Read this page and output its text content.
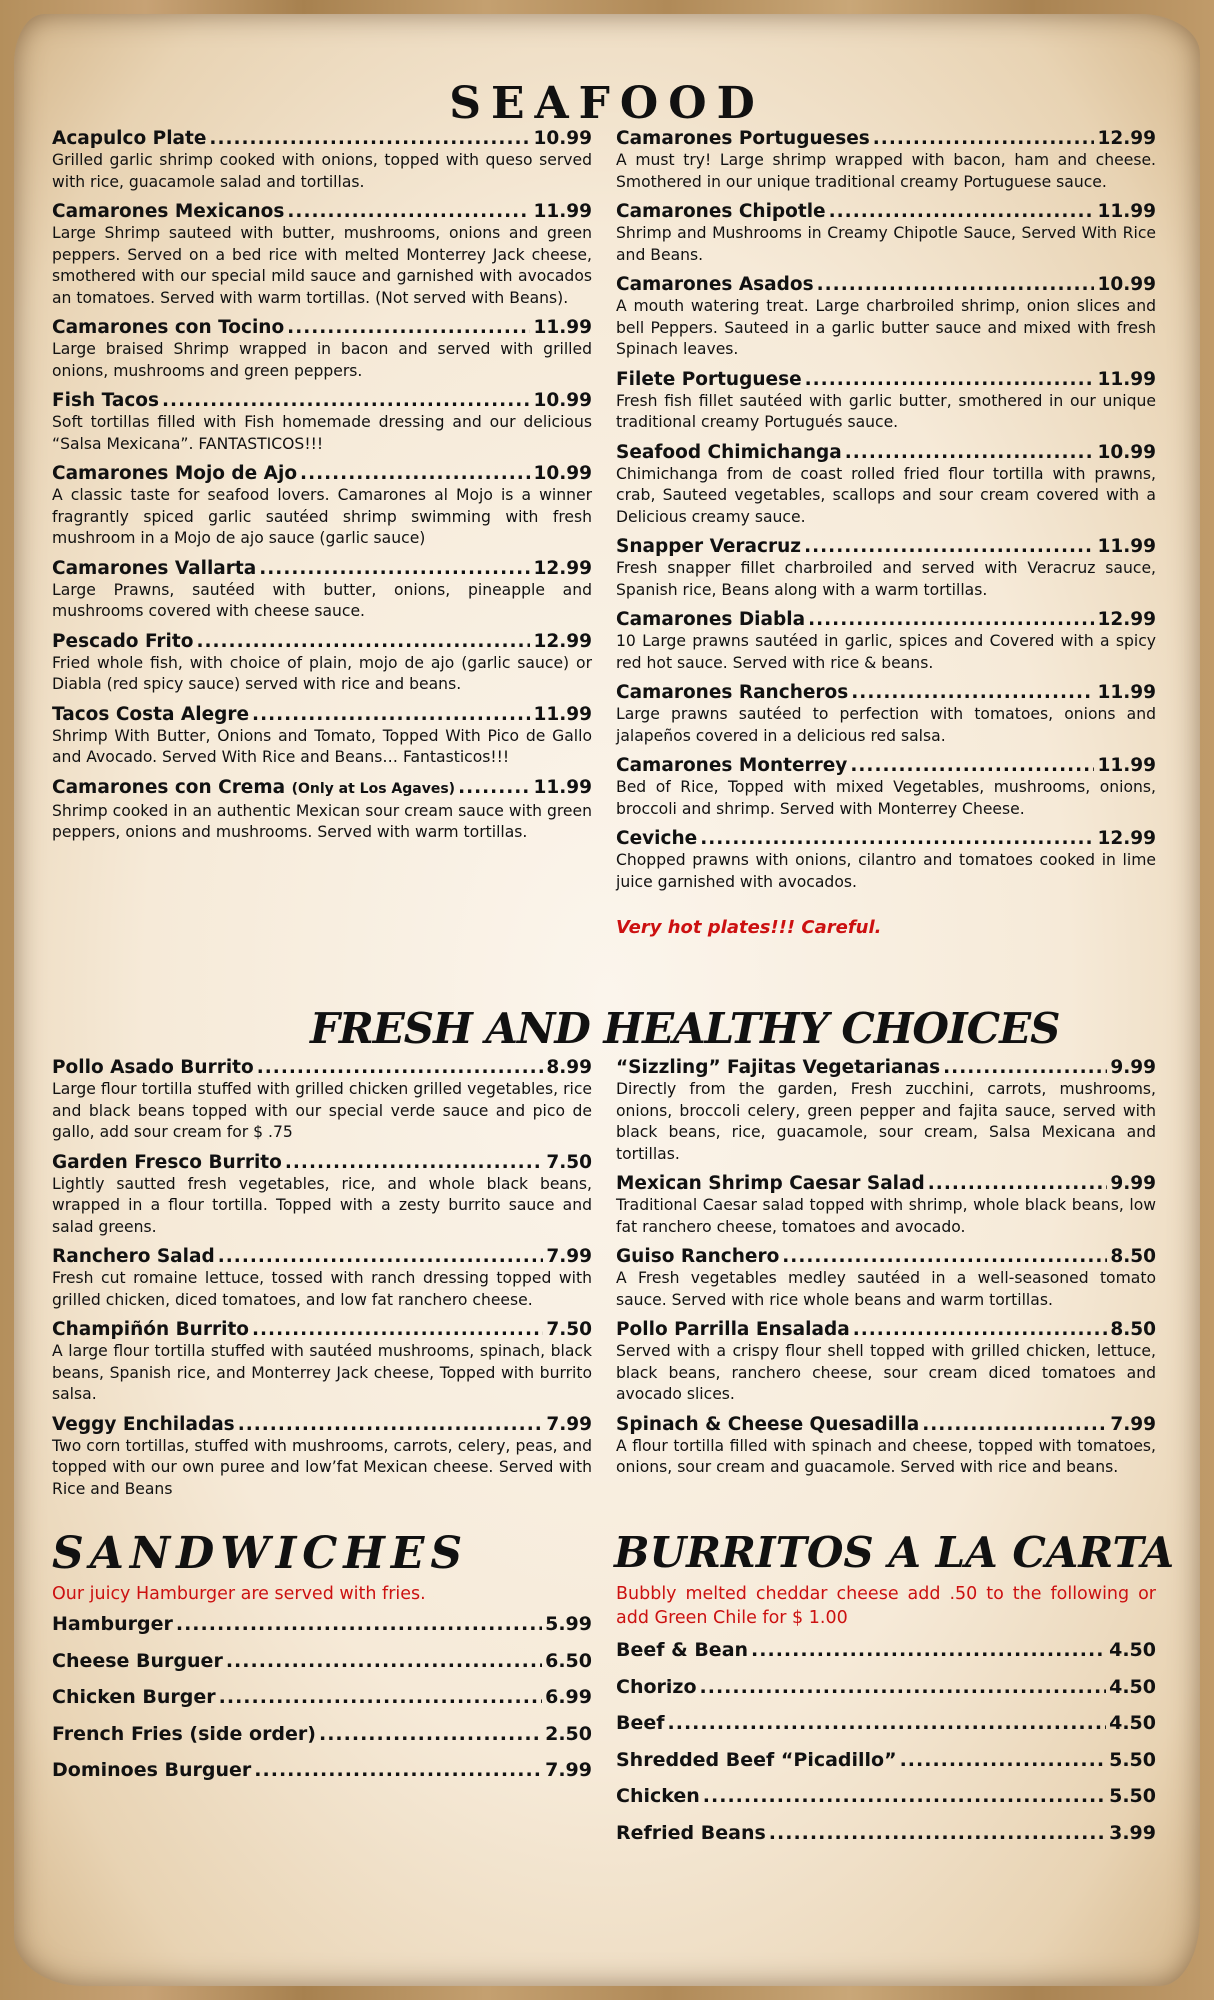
SEAFOOD
Acapulco Plate .....	10.99

Grilled garlic shrimp cooked with onions, topped with queso served with rice, guacamole salad and tortillas.

Camarones Mexicanos .....	11.99

Large Shrimp sauteed with butter, mushrooms, onions and green peppers. Served on a bed rice with melted Monterrey Jack cheese, smothered with our special mild sauce and garnished with avocados an tomatoes. Served with warm tortillas. (Not served with Beans).

Camarones con Tocino .....	11.99

Large braised Shrimp wrapped in bacon and served with grilled onions, mushrooms and green peppers.

Fish Tacos .....	10.99

Soft tortillas filled with Fish homemade dressing and our delicious “Salsa Mexicana”. FANTASTICOS!!!

Camarones Mojo de Ajo .....	10.99

A classic taste for seafood lovers. Camarones al Mojo is a winner fragrantly spiced garlic sautéed shrimp swimming with fresh mushroom in a Mojo de ajo sauce (garlic sauce)

Camarones Vallarta .....	12.99

Large Prawns, sautéed with butter, onions, pineapple and mushrooms covered with cheese sauce.

Pescado Frito .....	12.99

Fried whole fish, with choice of plain, mojo de ajo (garlic sauce) or Diabla (red spicy sauce) served with rice and beans.

Tacos Costa Alegre .....	11.99

Shrimp With Butter, Onions and Tomato, Topped With Pico de Gallo and Avocado. Served With Rice and Beans… Fantasticos!!!

Camarones con Crema (Only at Los Agaves) .....	11.99

Shrimp cooked in an authentic Mexican sour cream sauce with green peppers, onions and mushrooms. Served with warm tortillas.

Camarones Portugueses .....	12.99

A must try! Large shrimp wrapped with bacon, ham and cheese. Smothered in our unique traditional creamy Portuguese sauce.

Camarones Chipotle .....	11.99

Shrimp and Mushrooms in Creamy Chipotle Sauce, Served With Rice and Beans.

Camarones Asados .....	10.99

A mouth watering treat. Large charbroiled shrimp, onion slices and bell Peppers. Sauteed in a garlic butter sauce and mixed with fresh Spinach leaves.

Filete Portuguese .....	11.99

Fresh fish fillet sautéed with garlic butter, smothered in our unique traditional creamy Portugués sauce.

Seafood Chimichanga .....	10.99

Chimichanga from de coast rolled fried flour tortilla with prawns, crab, Sauteed vegetables, scallops and sour cream covered with a Delicious creamy sauce.

Snapper Veracruz .....	11.99

Fresh snapper fillet charbroiled and served with Veracruz sauce, Spanish rice, Beans along with a warm tortillas.

Camarones Diabla .....	12.99

10 Large prawns sautéed in garlic, spices and Covered with a spicy red hot sauce. Served with rice & beans.

Camarones Rancheros .....	11.99

Large prawns sautéed to perfection with tomatoes, onions and jalapeños covered in a delicious red salsa.

Camarones Monterrey .....	11.99

Bed of Rice, Topped with mixed Vegetables, mushrooms, onions, broccoli and shrimp. Served with Monterrey Cheese.

Ceviche .....	12.99

Chopped prawns with onions, cilantro and tomatoes cooked in lime juice garnished with avocados.

Very hot plates!!! Careful.

FRESH AND HEALTHY CHOICES
Pollo Asado Burrito .....	8.99

Large flour tortilla stuffed with grilled chicken grilled vegetables, rice and black beans topped with our special verde sauce and pico de gallo, add sour cream for $ .75

Garden Fresco Burrito .....	7.50

Lightly sautted fresh vegetables, rice, and whole black beans, wrapped in a flour tortilla. Topped with a zesty burrito sauce and salad greens.

Ranchero Salad .....	7.99

Fresh cut romaine lettuce, tossed with ranch dressing topped with grilled chicken, diced tomatoes, and low fat ranchero cheese.

Champiñón Burrito .....	7.50

A large flour tortilla stuffed with sautéed mushrooms, spinach, black beans, Spanish rice, and Monterrey Jack cheese, Topped with burrito salsa.

Veggy Enchiladas .....	7.99

Two corn tortillas, stuffed with mushrooms, carrots, celery, peas, and topped with our own puree and low’fat Mexican cheese. Served with Rice and Beans

“Sizzling” Fajitas Vegetarianas .....	9.99

Directly from the garden, Fresh zucchini, carrots, mushrooms, onions, broccoli celery, green pepper and fajita sauce, served with black beans, rice, guacamole, sour cream, Salsa Mexicana and tortillas.

Mexican Shrimp Caesar Salad .....	9.99

Traditional Caesar salad topped with shrimp, whole black beans, low fat ranchero cheese, tomatoes and avocado.

Guiso Ranchero .....	8.50

A Fresh vegetables medley sautéed in a well-seasoned tomato sauce. Served with rice whole beans and warm tortillas.

Pollo Parrilla Ensalada .....	8.50

Served with a crispy flour shell topped with grilled chicken, lettuce, black beans, ranchero cheese, sour cream diced tomatoes and avocado slices.

Spinach & Cheese Quesadilla .....	7.99

A flour tortilla filled with spinach and cheese, topped with tomatoes, onions, sour cream and guacamole. Served with rice and beans.

SANDWICHES

Our juicy Hamburger are served with fries.

Hamburger .....	5.99
Cheese Burguer .....	6.50
Chicken Burger .....	6.99
French Fries (side order) .....	2.50
Dominoes Burguer .....	7.99
BURRITOS A LA CARTA

Bubbly melted cheddar cheese add .50 to the following or add Green Chile for $ 1.00

Beef & Bean .....	4.50
Chorizo .....	4.50
Beef .....	4.50
Shredded Beef “Picadillo” .....	5.50
Chicken .....	5.50
Refried Beans .....	3.99
